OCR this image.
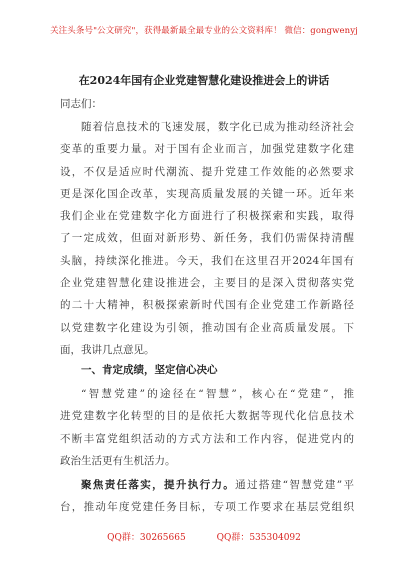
关注头条号"公文研究"，获得最新最全最专业的公文资料库！ 微信：gongwenyj
在2024年国有企业党建智慧化建设推进会上的讲话
同志们：
随着信息技术的飞速发展，数字化已成为推动经济社会
变革的重要力量。对于国有企业而言，加强党建数字化建
设，不仅是适应时代潮流、提升党建工作效能的必然要求
更是深化国企改革，实现高质量发展的关键一环。近年来
我们企业在党建数字化方面进行了积极探索和实践，取得
了一定成效，但面对新形势、新任务，我们仍需保持清醒
头脑，持续深化推进。今天，我们在这里召开2024年国有
企业党建智慧化建设推进会，主要目的是深入贯彻落实党
的二十大精神，积极探索新时代国有企业党建工作新路径
以党建数字化建设为引领，推动国有企业高质量发展。下
面，我讲几点意见。
一、肯定成绩，坚定信心决心
“智慧党建”的途径在“智慧”，核心在“党建”，推
进党建数字化转型的目的是依托大数据等现代化信息技术
不断丰富党组织活动的方式方法和工作内容，促进党内的
政治生活更有生机活力。
聚焦责任落实，提升执行力。通过搭建“智慧党建”平
台，推动年度党建任务目标，专项工作要求在基层党组织
QQ群：30265665	QQ群：535304092
